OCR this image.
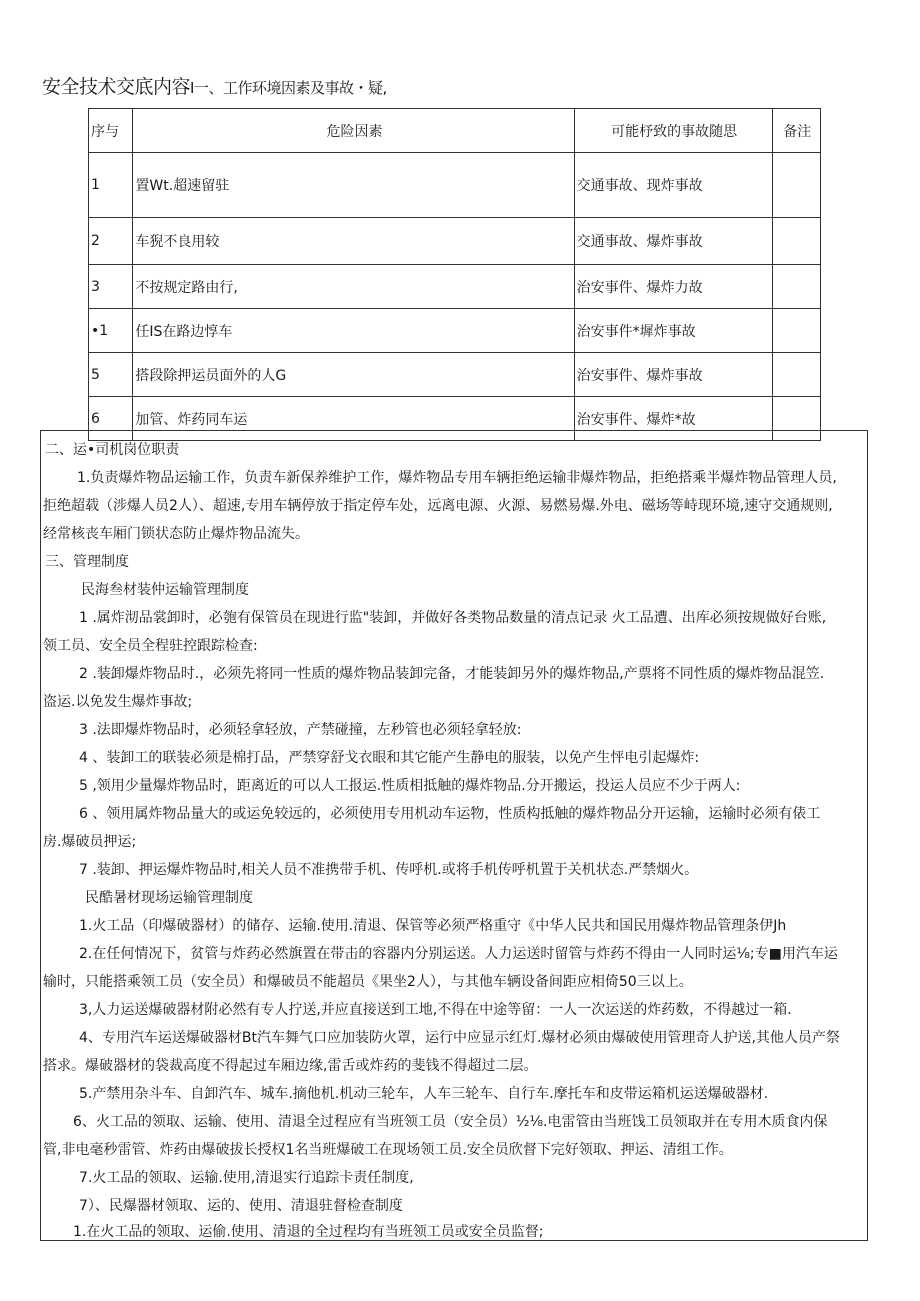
安全技术交底内容I一、工作环境因素及事故・疑,
序与	危险因素	可能杼致的事故随思	备注
1	置Wt.超速留驻	交通事故、现炸事故	
2	车猊不良用较	交通事故、爆炸事故	
3	不按规定路由行,	治安事件、爆炸力故	
•1	任IS在路边惇车	治安事件*墀炸事故	
5	搭段除押运员面外的人G	治安事件、爆炸事故	
6	加管、炸药同车运	治安事件、爆炸*故	
二、运•司机岗位职责
1.负责爆炸物品运输工作，负责车新保养维护工作，爆炸物品专用车辆拒绝运输非爆炸物品，拒绝搭乘半爆炸物品管理人员,
拒绝超载（涉爆人员2人）、超速,专用车辆停放于指定停车处，远离电源、火源、易燃易爆.外电、磁场等峙现环境,速守交通规则,
经常核丧车厢门锁状态防止爆炸物品流失。
三、管理制度
民海叁材装仲运输管理制度
1 .属炸沏品裳卸时，必匏有保管员在现进行监"装卸，并做好各类物品数量的清点记录 火工品遭、出库必须按规做好台账,
领工员、安全员全程驻控跟踪检查:
2 .装卸爆炸物品时.，必须先将同一性质的爆炸物品装卸完备，才能装卸另外的爆炸物品,产票将不同性质的爆炸物品混笠.
盗运.以免发生爆炸事故;
3 .法即爆炸物品时，必须轻拿轻放，产禁碰撞，左秒管也必须轻拿轻放:
4 、装卸工的联装必须是棉打品，严禁穿舒戈衣眼和其它能产生静电的服装，以免产生怦电引起爆炸:
5 ,领用少量爆炸物品时，距离近的可以人工报运.性质相抵触的爆炸物品.分开搬运，投运人员应不少于两人:
6 、领用属炸物品量大的或运免较远的，必须使用专用机动车运物，性质构抵触的爆炸物品分开运输，运输时必须有俵工
房.爆破员押运;
7 .装卸、押运爆炸物品时,相关人员不准携带手机、传呼机.或将手机传呼机置于关机状态.严禁烟火。
民酷暑材现场运输管理制度
1.火工品（印爆破器材）的储存、运输.使用.清退、保管等必须严格重守《中华人民共和国民用爆炸物品管理条伊Jh
2.在任何情况下，贫管与炸药必然旗置在带击的容器内分别运送。人力运送时留管与炸药不得由一人同时运⅛;专■用汽车运
输时，只能搭乘领工员（安全员）和爆破员不能超员《果坐2人），与其他车辆设备间距应相倚50三以上。
3,人力运送爆破器材附必然有专人拧送,并应直接送到工地,不得在中途等留：一人一次运送的炸药数，不得越过一箱.
4、专用汽车运送爆破器材Bt汽车舞气口应加装防火罩，运行中应显示红灯.爆材必须由爆破使用管理奇人护送,其他人员产祭
搭求。爆破器材的袋裁高度不得起过车厢边缘,雷舌或炸药的斐钱不得超过二层。
5.产禁用杂斗车、自卸汽车、城车.摘他机.机动三轮车，人车三轮车、自行车.摩托车和皮带运箱机运送爆破器材.
6、火工品的领取、运输、使用、清退全过程应有当班领工员（安全员）½⅛.电雷管由当班饯工员领取并在专用木质食内保
管,非电毫秒雷管、炸药由爆破拔长授权1名当班爆破工在现场领工员.安全员欣督下完好领取、押运、清组工作。
7.火工品的领取、运输.使用,清退实行追踪卡责任制度,
7）、民爆器材领取、运的、使用、清退驻督检查制度
1.在火工品的领取、运偷.使用、清退的全过程均有当班领工员或安全员监督;
